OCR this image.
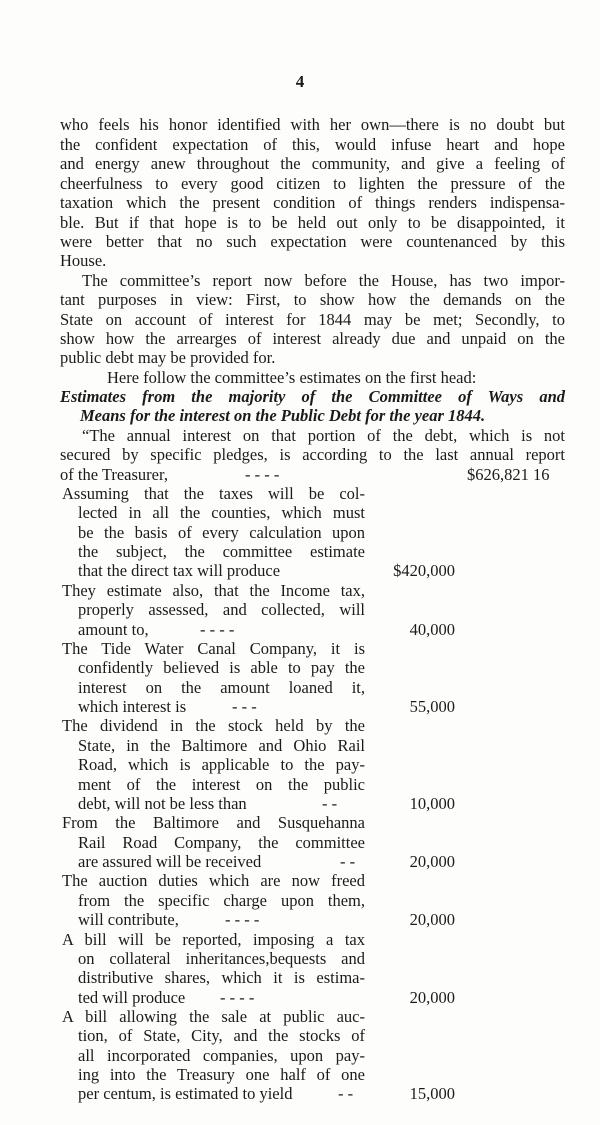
4
who feels his honor identified with her own—there is no doubt but
the confident expectation of this, would infuse heart and hope
and energy anew throughout the community, and give a feeling of
cheerfulness to every good citizen to lighten the pressure of the
taxation which the present condition of things renders indispensa-
ble. But if that hope is to be held out only to be disappointed, it
were better that no such expectation were countenanced by this
House.
The committee’s report now before the House, has two impor-
tant purposes in view: First, to show how the demands on the
State on account of interest for 1844 may be met; Secondly, to
show how the arrearges of interest already due and unpaid on the
public debt may be provided for.
Here follow the committee’s estimates on the first head:
Estimates from the majority of the Committee of Ways and
Means for the interest on the Public Debt for the year 1844.
“The annual interest on that portion of the debt, which is not
secured by specific pledges, is according to the last annual report
of the Treasurer,	- - - -	$626,821 16
Assuming that the taxes will be col-
lected in all the counties, which must
be the basis of every calculation upon
the subject, the committee estimate
that the direct tax will produce	$420,000
They estimate also, that the Income tax,
properly assessed, and collected, will
amount to,	- - - -	40,000
The Tide Water Canal Company, it is
confidently believed is able to pay the
interest on the amount loaned it,
which interest is	- - -	55,000
The dividend in the stock held by the
State, in the Baltimore and Ohio Rail
Road, which is applicable to the pay-
ment of the interest on the public
debt, will not be less than	- -	10,000
From the Baltimore and Susquehanna
Rail Road Company, the committee
are assured will be received	- -	20,000
The auction duties which are now freed
from the specific charge upon them,
will contribute,	- - - -	20,000
A bill will be reported, imposing a tax
on collateral inheritances,bequests and
distributive shares, which it is estima-
ted will produce - - - -	20,000
A bill allowing the sale at public auc-
tion, of State, City, and the stocks of
all incorporated companies, upon pay-
ing into the Treasury one half of one
per centum, is estimated to yield	- -	15,000
